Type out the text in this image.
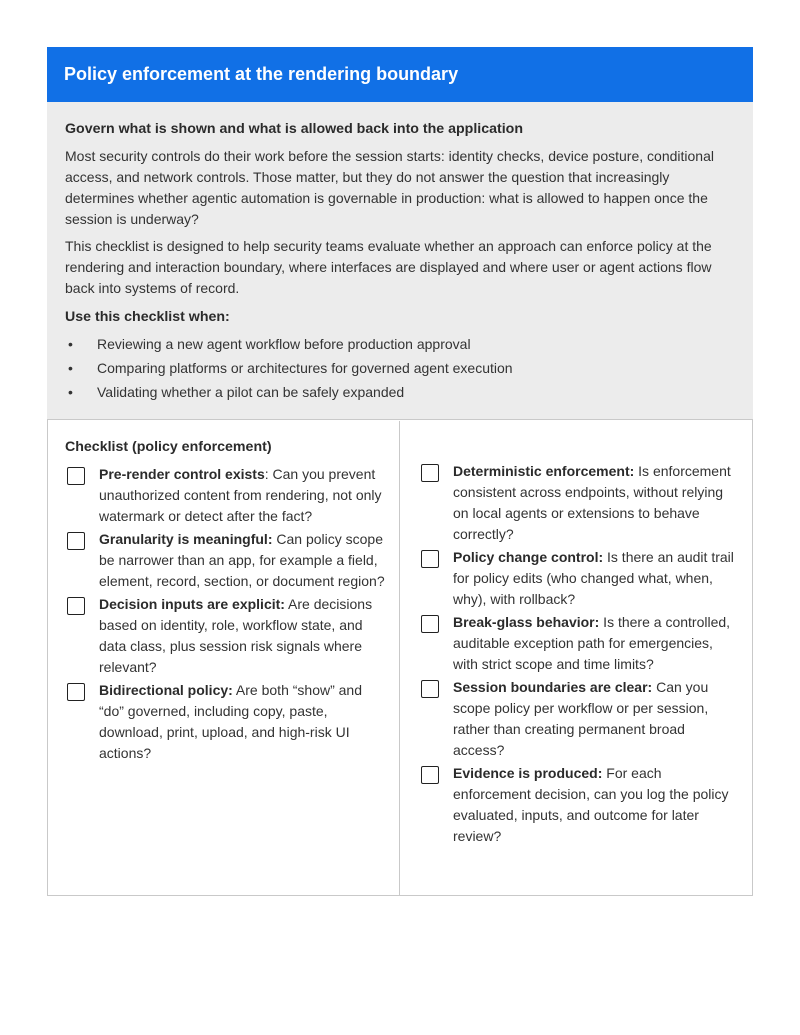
Policy enforcement at the rendering boundary
Govern what is shown and what is allowed back into the application

Most security controls do their work before the session starts: identity checks, device posture, conditional access, and network controls. Those matter, but they do not answer the question that increasingly determines whether agentic automation is governable in production: what is allowed to happen once the session is underway?

This checklist is designed to help security teams evaluate whether an approach can enforce policy at the rendering and interaction boundary, where interfaces are displayed and where user or agent actions flow back into systems of record.

Use this checklist when:
• Reviewing a new agent workflow before production approval
• Comparing platforms or architectures for governed agent execution
• Validating whether a pilot can be safely expanded
Checklist (policy enforcement)
Pre-render control exists: Can you prevent unauthorized content from rendering, not only watermark or detect after the fact?
Granularity is meaningful: Can policy scope be narrower than an app, for example a field, element, record, section, or document region?
Decision inputs are explicit: Are decisions based on identity, role, workflow state, and data class, plus session risk signals where relevant?
Bidirectional policy: Are both “show” and “do” governed, including copy, paste, download, print, upload, and high-risk UI actions?
Deterministic enforcement: Is enforcement consistent across endpoints, without relying on local agents or extensions to behave correctly?
Policy change control: Is there an audit trail for policy edits (who changed what, when, why), with rollback?
Break-glass behavior: Is there a controlled, auditable exception path for emergencies, with strict scope and time limits?
Session boundaries are clear: Can you scope policy per workflow or per session, rather than creating permanent broad access?
Evidence is produced: For each enforcement decision, can you log the policy evaluated, inputs, and outcome for later review?
